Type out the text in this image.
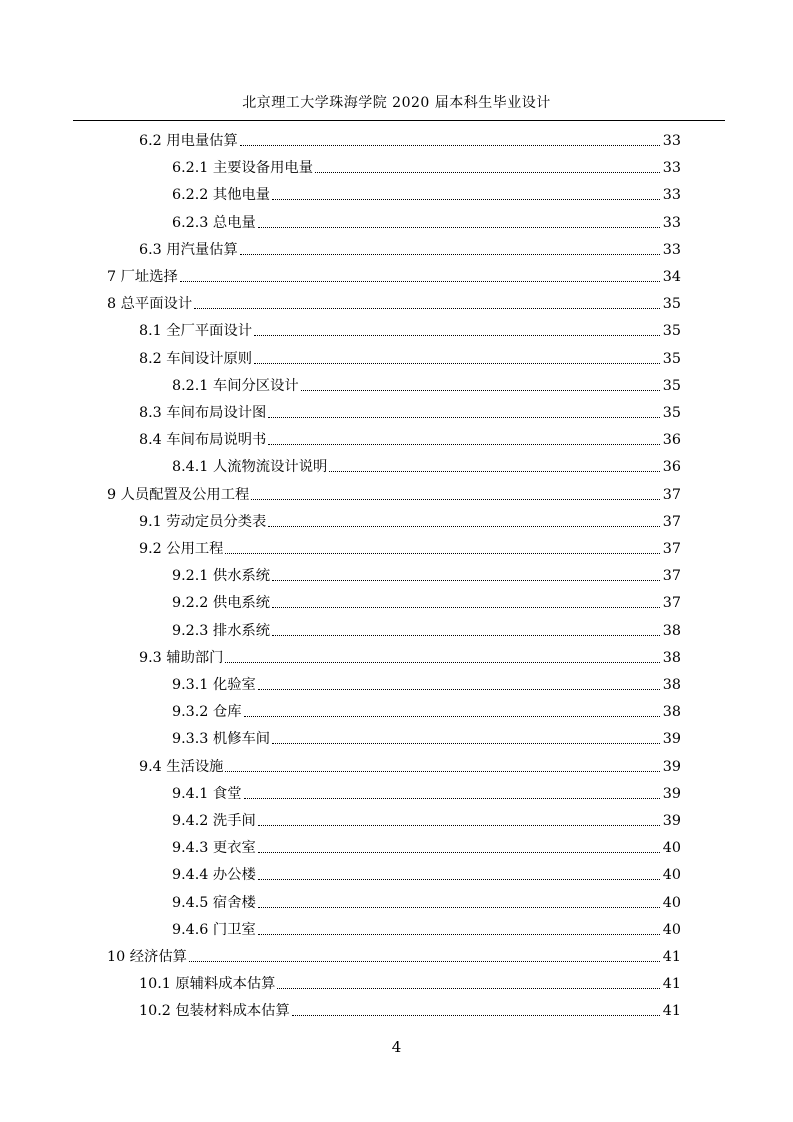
北京理工大学珠海学院 2020 届本科生毕业设计
6.2 用电量估算	33
6.2.1 主要设备用电量	33
6.2.2 其他电量	33
6.2.3 总电量	33
6.3 用汽量估算	33
7 厂址选择	34
8 总平面设计	35
8.1 全厂平面设计	35
8.2 车间设计原则	35
8.2.1 车间分区设计	35
8.3 车间布局设计图	35
8.4 车间布局说明书	36
8.4.1 人流物流设计说明	36
9 人员配置及公用工程	37
9.1 劳动定员分类表	37
9.2 公用工程	37
9.2.1 供水系统	37
9.2.2 供电系统	37
9.2.3 排水系统	38
9.3 辅助部门	38
9.3.1 化验室	38
9.3.2 仓库	38
9.3.3 机修车间	39
9.4 生活设施	39
9.4.1 食堂	39
9.4.2 洗手间	39
9.4.3 更衣室	40
9.4.4 办公楼	40
9.4.5 宿舍楼	40
9.4.6 门卫室	40
10 经济估算	41
10.1 原辅料成本估算	41
10.2 包装材料成本估算	41
4
